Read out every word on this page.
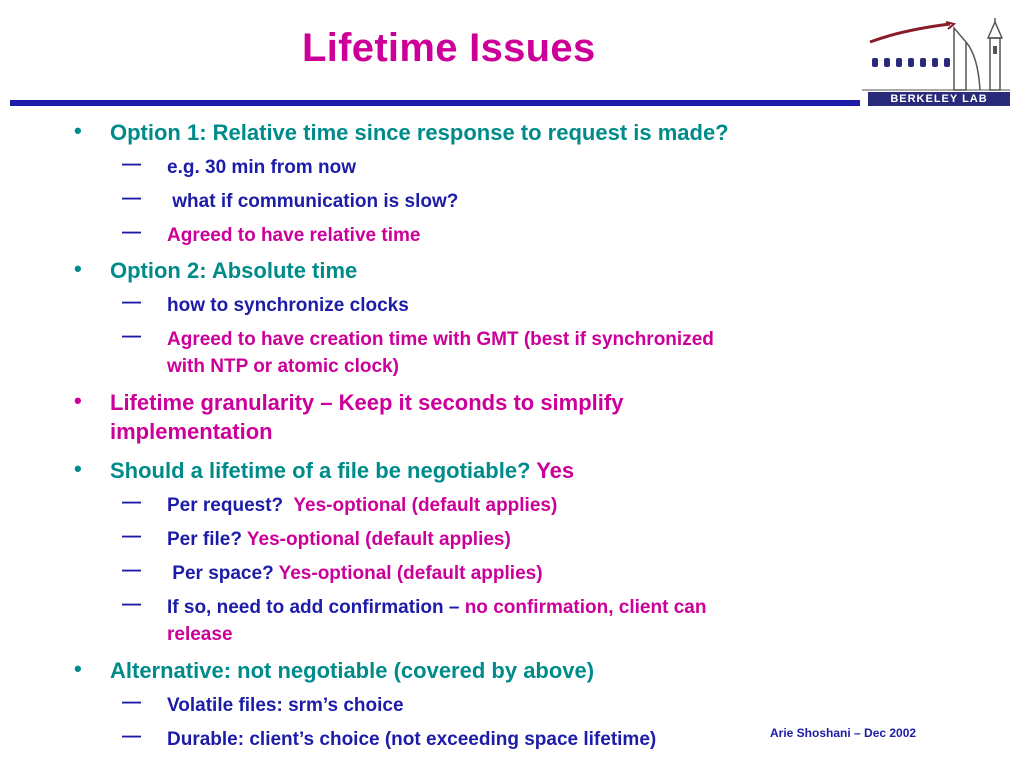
Lifetime Issues
BERKELEY LAB
•	Option 1: Relative time since response to request is made?
— e.g. 30 min from now
— what if communication is slow?
— Agreed to have relative time
•	Option 2: Absolute time
— how to synchronize clocks
— Agreed to have creation time with GMT (best if synchronized
with NTP or atomic clock)
•	Lifetime granularity – Keep it seconds to simplify
implementation
•	Should a lifetime of a file be negotiable? Yes
— Per request?  Yes-optional (default applies)
— Per file? Yes-optional (default applies)
— Per space? Yes-optional (default applies)
— If so, need to add confirmation – no confirmation, client can
release
•	Alternative: not negotiable (covered by above)
— Volatile files: srm’s choice
— Durable: client’s choice (not exceeding space lifetime)	Arie Shoshani – Dec 2002
